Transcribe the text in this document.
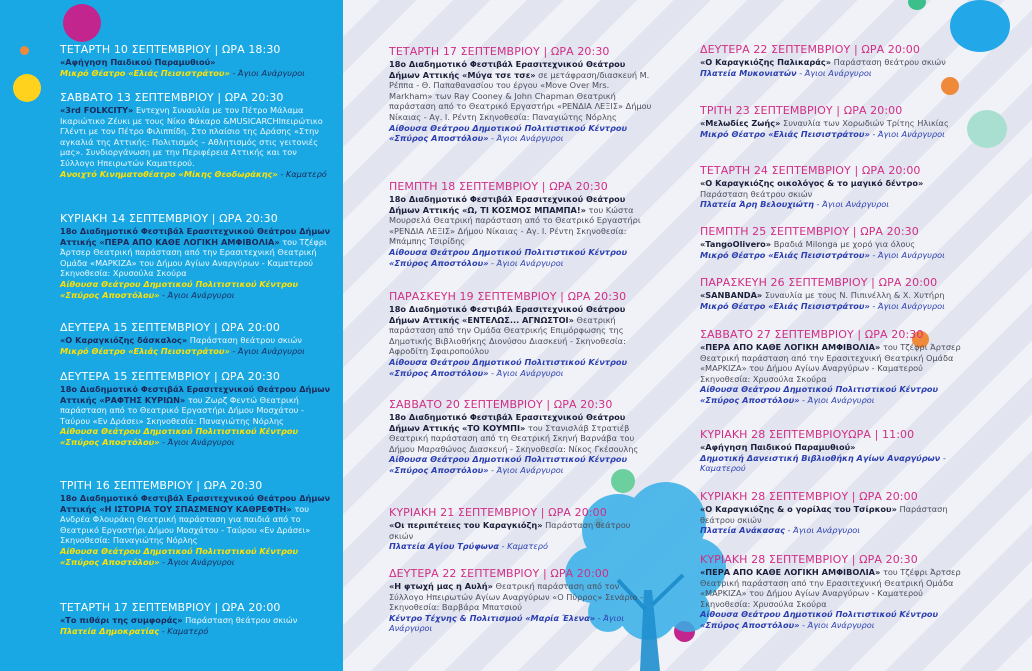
ΤΕΤΑΡΤΗ 10 ΣΕΠΤΕΜΒΡΙΟΥ | ΩΡΑ 18:30
«Αφήγηση Παιδικού Παραμυθιού»
Μικρό Θέατρο «Ελιάς Πεισιστράτου» - Άγιοι Ανάργυροι
ΣΑΒΒΑΤΟ 13 ΣΕΠΤΕΜΒΡΙΟΥ | ΩΡΑ 20:30
«3rd FOLKCITY» Εντεχνη Συναυλία με τον Πέτρο Μάλαμα Ικαριώτικο Ζέυκι με τους Νίκο Φάκαρο &MUSICARCHIπειρώτικο Γλέντι με τον Πέτρο Φιλιππίδη. Στο πλαίσιο της Δράσης «Στην αγκαλιά της Αττικής: Πολιτισμός – Αθλητισμός στις γειτονιές μας». Συνδιοργάνωση με την Περιφέρεια Αττικής και τον Σύλλογο Ηπειρωτών Καματερού.
Ανοιχτό Κινηματοθέατρο «Μίκης Θεοδωράκης» - Καματερό
ΚΥΡΙΑΚΗ 14 ΣΕΠΤΕΜΒΡΙΟΥ | ΩΡΑ 20:30
18ο Διαδημοτικό Φεστιβάλ Ερασιτεχνικού Θεάτρου Δήμων Αττικής «ΠΕΡΑ ΑΠΟ ΚΑΘΕ ΛΟΓΙΚΗ ΑΜΦΙΒΟΛΙΑ» του Τζέφρι Άρτσερ Θεατρική παράσταση από την Ερασιτεχνική Θεατρική Ομάδα «ΜΑΡΚΙΖΑ» του Δήμου Αγίων Αναργύρων - Καματερού Σκηνοθεσία: Χρυσούλα Σκούρα
Αίθουσα Θεάτρου Δημοτικού Πολιτιστικού Κέντρου «Σπύρος Αποστόλου» - Άγιοι Ανάργυροι
ΔΕΥΤΕΡΑ 15 ΣΕΠΤΕΜΒΡΙΟΥ | ΩΡΑ 20:00
«Ο Καραγκιόζης δάσκαλος» Παράσταση θεάτρου σκιών
Μικρό Θέατρο «Ελιάς Πεισιστράτου» - Άγιοι Ανάργυροι
ΔΕΥΤΕΡΑ 15 ΣΕΠΤΕΜΒΡΙΟΥ | ΩΡΑ 20:30
18ο Διαδημοτικό Φεστιβάλ Ερασιτεχνικού Θεάτρου Δήμων Αττικής «ΡΑΦΤΗΣ ΚΥΡΙΩΝ» του Ζωρζ Φεντώ Θεατρική παράσταση από το Θεατρικό Εργαστήρι Δήμου Μοσχάτου - Ταύρου «Εν Δράσει» Σκηνοθεσία: Παναγιώτης Νόρλης
Αίθουσα Θεάτρου Δημοτικού Πολιτιστικού Κέντρου «Σπύρος Αποστόλου» - Άγιοι Ανάργυροι
ΤΡΙΤΗ 16 ΣΕΠΤΕΜΒΡΙΟΥ | ΩΡΑ 20:30
18ο Διαδημοτικό Φεστιβάλ Ερασιτεχνικού Θεάτρου Δήμων Αττικής «Η ΙΣΤΟΡΙΑ ΤΟΥ ΣΠΑΣΜΕΝΟΥ ΚΑΘΡΕΦΤΗ» του Ανδρέα Φλουράκη Θεατρική παράσταση για παιδιά από το Θεατρικό Εργαστήρι Δήμου Μοσχάτου - Ταύρου «Εν Δράσει» Σκηνοθεσία: Παναγιώτης Νόρλης
Αίθουσα Θεάτρου Δημοτικού Πολιτιστικού Κέντρου «Σπύρος Αποστόλου» - Άγιοι Ανάργυροι
ΤΕΤΑΡΤΗ 17 ΣΕΠΤΕΜΒΡΙΟΥ | ΩΡΑ 20:00
«Το πιθάρι της συμφοράς» Παράσταση θεάτρου σκιών
Πλατεία Δημοκρατίας - Καματερό
ΤΕΤΑΡΤΗ 17 ΣΕΠΤΕΜΒΡΙΟΥ | ΩΡΑ 20:30
18ο Διαδημοτικό Φεστιβάλ Ερασιτεχνικού Θεάτρου Δήμων Αττικής «Μύγα τσε τσε» σε μετάφραση/διασκευή Μ. Ρέππα - Θ. Παπαθανασίου του έργου «Move Over Mrs. Markham» των Ray Cooney & John Chapman Θεατρική παράσταση από το Θεατρικό Εργαστήρι «ΡΕΝΔΙΑ ΛΕΞΙΣ» Δήμου Νίκαιας - Αγ. Ι. Ρέντη Σκηνοθεσία: Παναγιώτης Νόρλης
Αίθουσα Θεάτρου Δημοτικού Πολιτιστικού Κέντρου «Σπύρος Αποστόλου» - Άγιοι Ανάργυροι
ΠΕΜΠΤΗ 18 ΣΕΠΤΕΜΒΡΙΟΥ | ΩΡΑ 20:30
18ο Διαδημοτικό Φεστιβάλ Ερασιτεχνικού Θεάτρου Δήμων Αττικής «Ω, ΤΙ ΚΟΣΜΟΣ ΜΠΑΜΠΑ!» του Κώστα Μουρσελά Θεατρική παράσταση από το Θεατρικό Εργαστήρι «ΡΕΝΔΙΑ ΛΕΞΙΣ» Δήμου Νίκαιας - Αγ. Ι. Ρέντη Σκηνοθεσία: Μπάμπης Τσιρίδης
Αίθουσα Θεάτρου Δημοτικού Πολιτιστικού Κέντρου «Σπύρος Αποστόλου» - Άγιοι Ανάργυροι
ΠΑΡΑΣΚΕΥΗ 19 ΣΕΠΤΕΜΒΡΙΟΥ | ΩΡΑ 20:30
18ο Διαδημοτικό Φεστιβάλ Ερασιτεχνικού Θεάτρου Δήμων Αττικής «ΕΝΤΕΛΩΣ... ΑΓΝΩΣΤΟΙ» Θεατρική παράσταση από την Ομάδα Θεατρικής Επιμόρφωσης της Δημοτικής Βιβλιοθήκης Διονύσου Διασκευή - Σκηνοθεσία: Αφροδίτη Σφαιροπούλου
Αίθουσα Θεάτρου Δημοτικού Πολιτιστικού Κέντρου «Σπύρος Αποστόλου» - Άγιοι Ανάργυροι
ΣΑΒΒΑΤΟ 20 ΣΕΠΤΕΜΒΡΙΟΥ | ΩΡΑ 20:30
18ο Διαδημοτικό Φεστιβάλ Ερασιτεχνικού Θεάτρου Δήμων Αττικής «ΤΟ ΚΟΥΜΠΙ» του Στανισλάβ Στρατιέβ Θεατρική παράσταση από τη Θεατρική Σκηνή Βαρνάβα του Δήμου Μαραθώνος Διασκευή - Σκηνοθεσία: Νίκος Γκέσουλης
Αίθουσα Θεάτρου Δημοτικού Πολιτιστικού Κέντρου «Σπύρος Αποστόλου» - Άγιοι Ανάργυροι
ΚΥΡΙΑΚΗ 21 ΣΕΠΤΕΜΒΡΙΟΥ | ΩΡΑ 20:00
«Οι περιπέτειες του Καραγκιόζη» Παράσταση θεάτρου σκιών
Πλατεία Αγίου Τρύφωνα - Καματερό
ΔΕΥΤΕΡΑ 22 ΣΕΠΤΕΜΒΡΙΟΥ | ΩΡΑ 20:00
«Η φτωχή μας η Αυλή» Θεατρική παράσταση από τον Σύλλογο Ηπειρωτών Αγίων Αναργύρων «Ο Πύρρος» Σενάριο - Σκηνοθεσία: Βαρβάρα Μπατσιού
Κέντρο Τέχνης & Πολιτισμού «Μαρία Έλενα» - Άγιοι Ανάργυροι
ΔΕΥΤΕΡΑ 22 ΣΕΠΤΕΜΒΡΙΟΥ | ΩΡΑ 20:00
«Ο Καραγκιόζης Παλικαράς» Παράσταση θεάτρου σκιών
Πλατεία Μυκονιατών - Άγιοι Ανάργυροι
ΤΡΙΤΗ 23 ΣΕΠΤΕΜΒΡΙΟΥ | ΩΡΑ 20:00
«Μελωδίες Ζωής» Συναυλία των Χορωδιών Τρίτης Ηλικίας
Μικρό Θέατρο «Ελιάς Πεισιστράτου» - Άγιοι Ανάργυροι
ΤΕΤΑΡΤΗ 24 ΣΕΠΤΕΜΒΡΙΟΥ | ΩΡΑ 20:00
«Ο Καραγκιόζης οικολόγος & το μαγικό δέντρο» Παράσταση θεάτρου σκιών
Πλατεία Άρη Βελουχιώτη - Άγιοι Ανάργυροι
ΠΕΜΠΤΗ 25 ΣΕΠΤΕΜΒΡΙΟΥ | ΩΡΑ 20:30
«TangoOlivero» Βραδιά Milonga με χορό για όλους
Μικρό Θέατρο «Ελιάς Πεισιστράτου» - Άγιοι Ανάργυροι
ΠΑΡΑΣΚΕΥΗ 26 ΣΕΠΤΕΜΒΡΙΟΥ | ΩΡΑ 20:00
«SANBANDA» Συναυλία με τους Ν. Πιπινέλλη & Χ. Χυτήρη
Μικρό Θέατρο «Ελιάς Πεισιστράτου» - Άγιοι Ανάργυροι
ΣΑΒΒΑΤΟ 27 ΣΕΠΤΕΜΒΡΙΟΥ | ΩΡΑ 20:30
«ΠΕΡΑ ΑΠΟ ΚΑΘΕ ΛΟΓΙΚΗ ΑΜΦΙΒΟΛΙΑ» του Τζέφρι Άρτσερ Θεατρική παράσταση από την Ερασιτεχνική Θεατρική Ομάδα «ΜΑΡΚΙΖΑ» του Δήμου Αγίων Αναργύρων - Καματερού Σκηνοθεσία: Χρυσούλα Σκούρα
Αίθουσα Θεάτρου Δημοτικού Πολιτιστικού Κέντρου «Σπύρος Αποστόλου» - Άγιοι Ανάργυροι
ΚΥΡΙΑΚΗ 28 ΣΕΠΤΕΜΒΡΙΟΥΩΡΑ | 11:00
«Αφήγηση Παιδικού Παραμυθιού»
Δημοτική Δανειστική Βιβλιοθήκη Αγίων Αναργύρων - Καματερού
ΚΥΡΙΑΚΗ 28 ΣΕΠΤΕΜΒΡΙΟΥ | ΩΡΑ 20:00
«Ο Καραγκιόζης & ο γορίλας του Τσίρκου» Παράσταση θεάτρου σκιών
Πλατεία Ανάκασας - Άγιοι Ανάργυροι
ΚΥΡΙΑΚΗ 28 ΣΕΠΤΕΜΒΡΙΟΥ | ΩΡΑ 20:30
«ΠΕΡΑ ΑΠΟ ΚΑΘΕ ΛΟΓΙΚΗ ΑΜΦΙΒΟΛΙΑ» του Τζέφρι Άρτσερ Θεατρική παράσταση από την Ερασιτεχνική Θεατρική Ομάδα «ΜΑΡΚΙΖΑ» του Δήμου Αγίων Αναργύρων - Καματερού Σκηνοθεσία: Χρυσούλα Σκούρα
Αίθουσα Θεάτρου Δημοτικού Πολιτιστικού Κέντρου «Σπύρος Αποστόλου» - Άγιοι Ανάργυροι
